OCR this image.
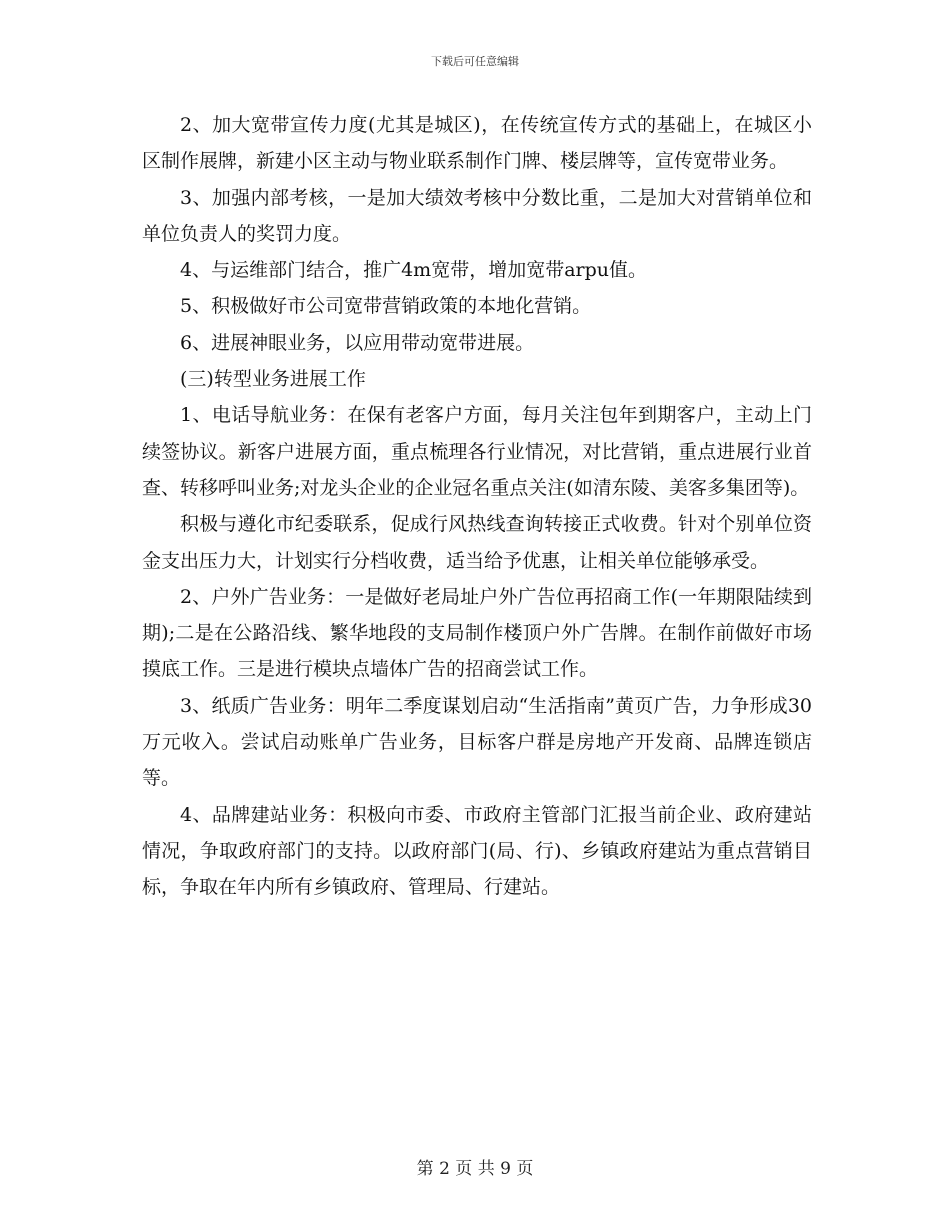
下载后可任意编辑

2、加大宽带宣传力度(尤其是城区)，在传统宣传方式的基础上，在城区小区制作展牌，新建小区主动与物业联系制作门牌、楼层牌等，宣传宽带业务。

3、加强内部考核，一是加大绩效考核中分数比重，二是加大对营销单位和单位负责人的奖罚力度。

4、与运维部门结合，推广4m宽带，增加宽带arpu值。

5、积极做好市公司宽带营销政策的本地化营销。

6、进展神眼业务，以应用带动宽带进展。

(三)转型业务进展工作

1、电话导航业务：在保有老客户方面，每月关注包年到期客户，主动上门续签协议。新客户进展方面，重点梳理各行业情况，对比营销，重点进展行业首查、转移呼叫业务;对龙头企业的企业冠名重点关注(如清东陵、美客多集团等)。

积极与遵化市纪委联系，促成行风热线查询转接正式收费。针对个别单位资金支出压力大，计划实行分档收费，适当给予优惠，让相关单位能够承受。

2、户外广告业务：一是做好老局址户外广告位再招商工作(一年期限陆续到期);二是在公路沿线、繁华地段的支局制作楼顶户外广告牌。在制作前做好市场摸底工作。三是进行模块点墙体广告的招商尝试工作。

3、纸质广告业务：明年二季度谋划启动“生活指南”黄页广告，力争形成30万元收入。尝试启动账单广告业务，目标客户群是房地产开发商、品牌连锁店等。

4、品牌建站业务：积极向市委、市政府主管部门汇报当前企业、政府建站情况，争取政府部门的支持。以政府部门(局、行)、乡镇政府建站为重点营销目标，争取在年内所有乡镇政府、管理局、行建站。

第 2 页 共 9 页
